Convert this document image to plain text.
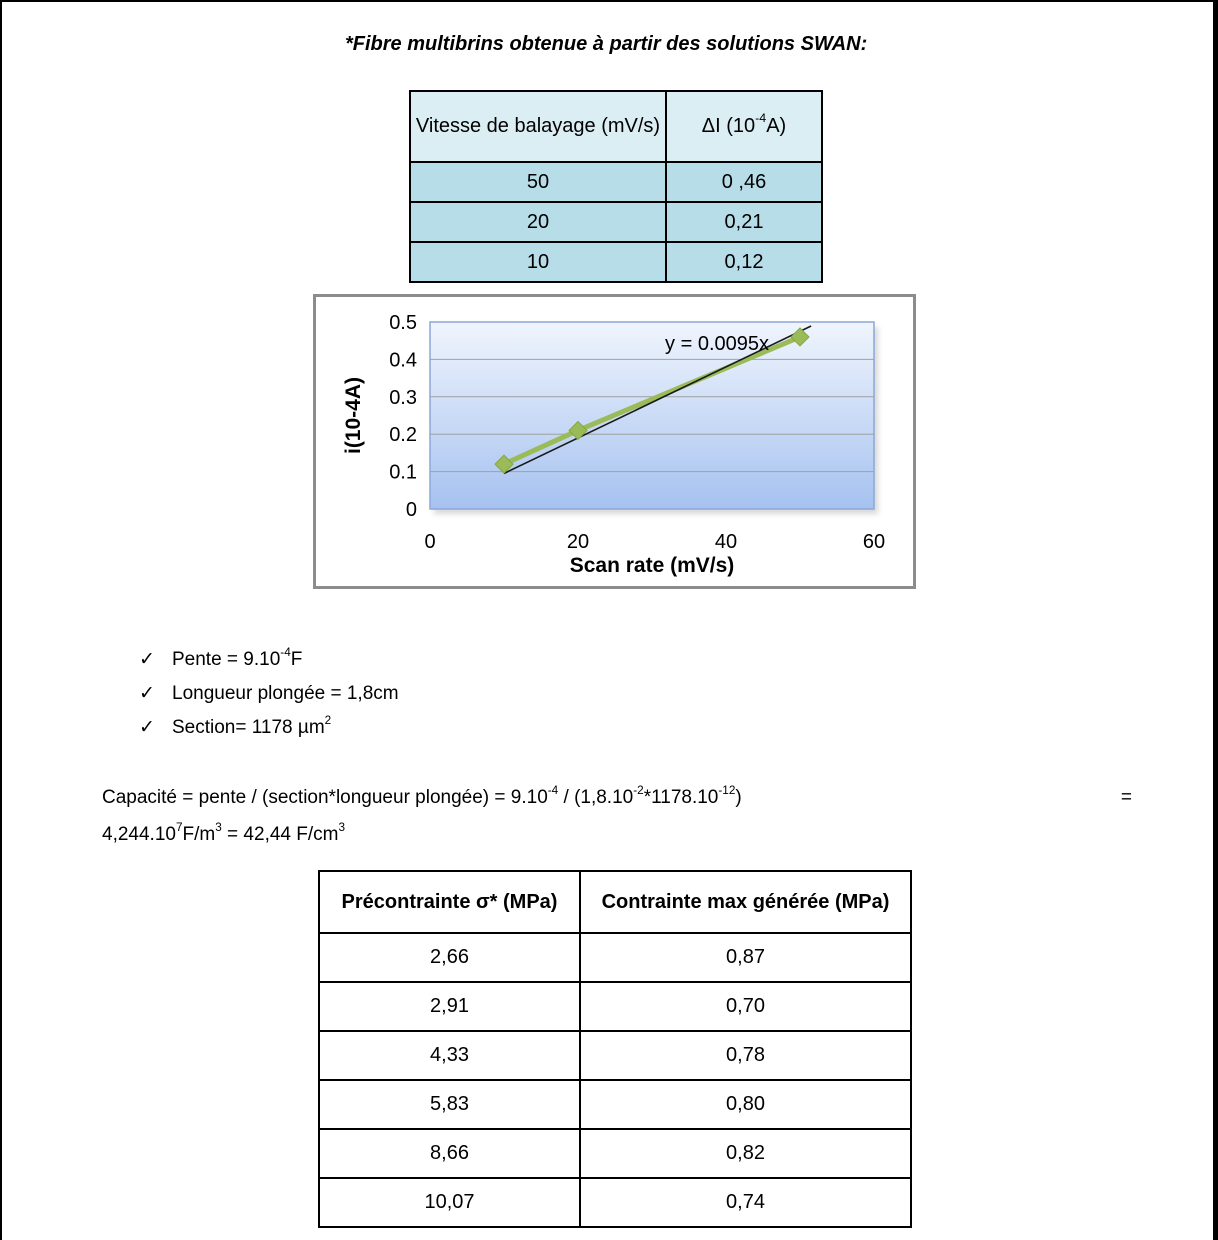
*Fibre multibrins obtenue à partir des solutions SWAN:
Vitesse de balayage (mV/s)	ΔI $(10^{-4}A)$
50	0 ,46
20	0,21
10	0,12
0
0.1
0.2
0.3
0.4
0.5
0	20	40	60
y = 0.0095x
i(10-4A)
Scan rate (mV/s)
✓ Pente = $9.10^{-4}F$
✓ Longueur plongée = 1,8cm
✓ Section= 1178 µm$^2$
Capacité = pente / (section*longueur plongée) = $9.10^{-4} / (1,8.10^{-2}*1178.10^{-12})$	=
$4,244.10^7F/m^3 = 42,44$ $F/cm^3$
Précontrainte σ* (MPa)	Contrainte max générée (MPa)
2,66	0,87
2,91	0,70
4,33	0,78
5,83	0,80
8,66	0,82
10,07	0,74
